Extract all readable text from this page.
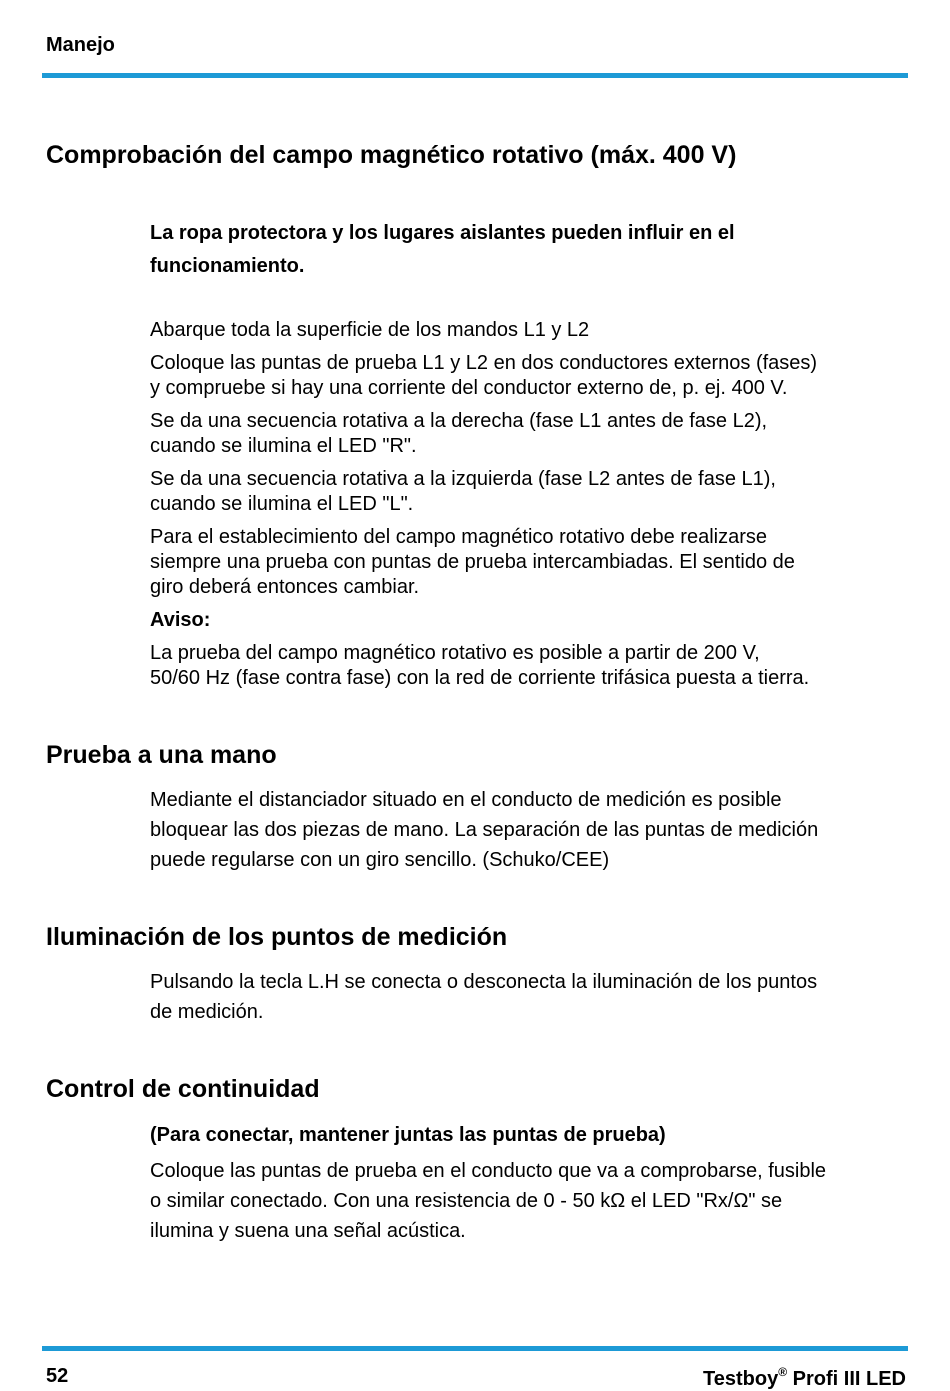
Manejo
Comprobación del campo magnético rotativo (máx. 400 V)
La ropa protectora y los lugares aislantes pueden influir en el
funcionamiento.
Abarque toda la superficie de los mandos L1 y L2
Coloque las puntas de prueba L1 y L2 en dos conductores externos (fases)
y compruebe si hay una corriente del conductor externo de, p. ej. 400 V.
Se da una secuencia rotativa a la derecha (fase L1 antes de fase L2),
cuando se ilumina el LED "R".
Se da una secuencia rotativa a la izquierda (fase L2 antes de fase L1),
cuando se ilumina el LED "L".
Para el establecimiento del campo magnético rotativo debe realizarse
siempre una prueba con puntas de prueba intercambiadas. El sentido de
giro deberá entonces cambiar.
Aviso:
La prueba del campo magnético rotativo es posible a partir de 200 V,
50/60 Hz (fase contra fase) con la red de corriente trifásica puesta a tierra.
Prueba a una mano
Mediante el distanciador situado en el conducto de medición es posible
bloquear las dos piezas de mano. La separación de las puntas de medición
puede regularse con un giro sencillo. (Schuko/CEE)
Iluminación de los puntos de medición
Pulsando la tecla L.H se conecta o desconecta la iluminación de los puntos
de medición.
Control de continuidad
(Para conectar, mantener juntas las puntas de prueba)
Coloque las puntas de prueba en el conducto que va a comprobarse, fusible
o similar conectado. Con una resistencia de 0 - 50 kΩ el LED "Rx/Ω" se
ilumina y suena una señal acústica.
52	Testboy® Profi III LED
